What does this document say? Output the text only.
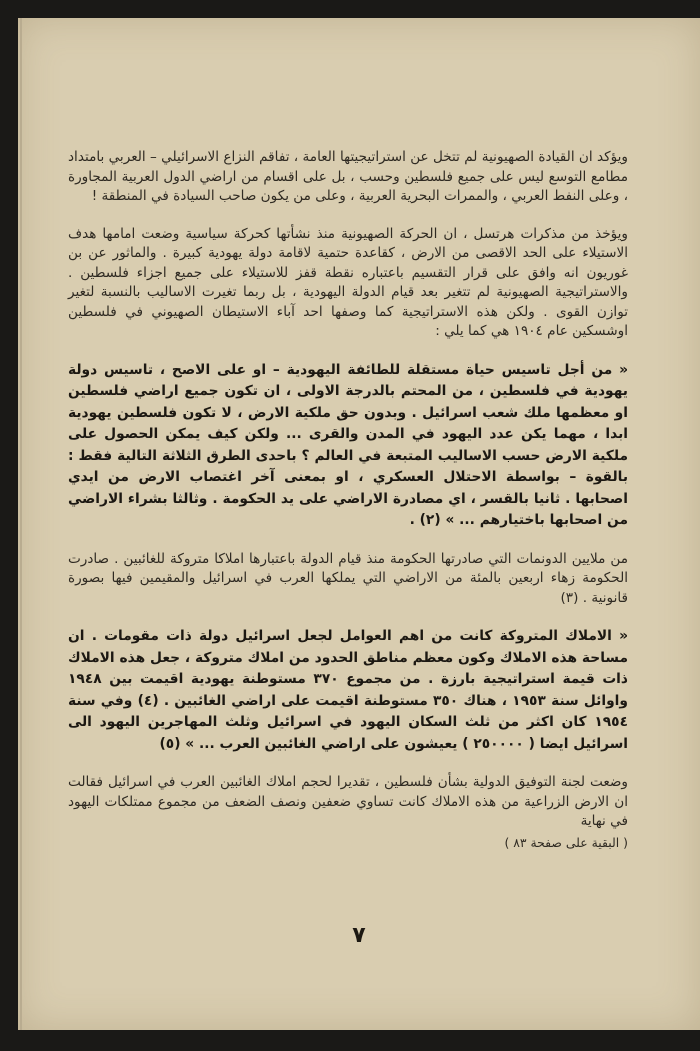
ويؤكد ان القيادة الصهيونية لم تتخل عن استراتيجيتها العامة ، تفاقم النزاع الاسرائيلي – العربي بامتداد مطامع التوسع ليس على جميع فلسطين وحسب ، بل على اقسام من اراضي الدول العربية المجاورة ، وعلى النفط العربي ، والممرات البحرية العربية ، وعلى من يكون صاحب السيادة في المنطقة !

ويؤخذ من مذكرات هرتسل ، ان الحركة الصهيونية منذ نشأتها كحركة سياسية وضعت امامها هدف الاستيلاء على الحد الاقصى من الارض ، كقاعدة حتمية لاقامة دولة يهودية كبيرة . والماثور عن بن غوريون انه وافق على قرار التقسيم باعتباره نقطة قفز للاستيلاء على جميع اجزاء فلسطين . والاستراتيجية الصهيونية لم تتغير بعد قيام الدولة اليهودية ، بل ربما تغيرت الاساليب بالنسبة لتغير توازن القوى . ولكن هذه الاستراتيجية كما وصفها احد آباء الاستيطان الصهيوني في فلسطين اوشسكين عام ١٩٠٤ هي كما يلي :

« من أجل تاسيس حياة مستقلة للطائفة اليهودية – او على الاصح ، تاسيس دولة يهودية في فلسطين ، من المحتم بالدرجة الاولى ، ان تكون جميع اراضي فلسطين او معظمها ملك شعب اسرائيل . وبدون حق ملكية الارض ، لا تكون فلسطين يهودية ابدا ، مهما يكن عدد اليهود في المدن والقرى ... ولكن كيف يمكن الحصول على ملكية الارض حسب الاساليب المتبعة في العالم ؟ باحدى الطرق الثلاثة التالية فقط : بالقوة – بواسطة الاحتلال العسكري ، او بمعنى آخر اغتصاب الارض من ايدي اصحابها . ثانيا بالقسر ، اي مصادرة الاراضي على يد الحكومة . وثالثا بشراء الاراضي من اصحابها باختيارهم ... » (٢) .

من ملايين الدونمات التي صادرتها الحكومة منذ قيام الدولة باعتبارها املاكا متروكة للغائبين . صادرت الحكومة زهاء اربعين بالمئة من الاراضي التي يملكها العرب في اسرائيل والمقيمين فيها بصورة قانونية . (٣)

« الاملاك المتروكة كانت من اهم العوامل لجعل اسرائيل دولة ذات مقومات . ان مساحة هذه الاملاك وكون معظم مناطق الحدود من املاك متروكة ، جعل هذه الاملاك ذات قيمة استراتيجية بارزة . من مجموع ٣٧٠ مستوطنة يهودية اقيمت بين ١٩٤٨ واوائل سنة ١٩٥٣ ، هناك ٣٥٠ مستوطنة اقيمت على اراضي الغائبين . (٤) وفي سنة ١٩٥٤ كان اكثر من ثلث السكان اليهود في اسرائيل وثلث المهاجرين اليهود الى اسرائيل ايضا ( ٢٥٠٠٠٠ ) يعيشون على اراضي الغائبين العرب ... » (٥)

وضعت لجنة التوفيق الدولية بشأن فلسطين ، تقديرا لحجم املاك الغائبين العرب في اسرائيل فقالت ان الارض الزراعية من هذه الاملاك كانت تساوي ضعفين ونصف الضعف من مجموع ممتلكات اليهود في نهاية

( البقية على صفحة ٨٣ )

٧
